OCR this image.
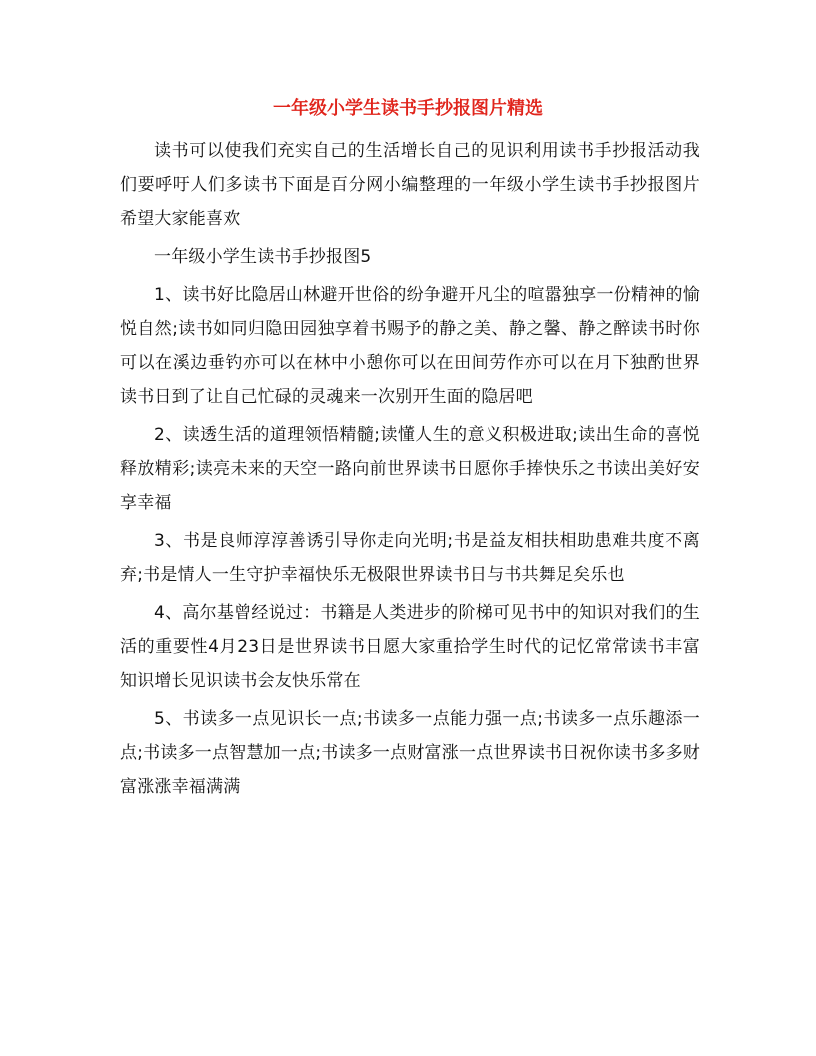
一年级小学生读书手抄报图片精选

读书可以使我们充实自己的生活增长自己的见识利用读书手抄报活动我们要呼吁人们多读书下面是百分网小编整理的一年级小学生读书手抄报图片希望大家能喜欢

一年级小学生读书手抄报图5

1、读书好比隐居山林避开世俗的纷争避开凡尘的喧嚣独享一份精神的愉悦自然;读书如同归隐田园独享着书赐予的静之美、静之馨、静之醉读书时你可以在溪边垂钓亦可以在林中小憩你可以在田间劳作亦可以在月下独酌世界读书日到了让自己忙碌的灵魂来一次别开生面的隐居吧

2、读透生活的道理领悟精髓;读懂人生的意义积极进取;读出生命的喜悦释放精彩;读亮未来的天空一路向前世界读书日愿你手捧快乐之书读出美好安享幸福

3、书是良师淳淳善诱引导你走向光明;书是益友相扶相助患难共度不离弃;书是情人一生守护幸福快乐无极限世界读书日与书共舞足矣乐也

4、高尔基曾经说过：书籍是人类进步的阶梯可见书中的知识对我们的生活的重要性4月23日是世界读书日愿大家重拾学生时代的记忆常常读书丰富知识增长见识读书会友快乐常在

5、书读多一点见识长一点;书读多一点能力强一点;书读多一点乐趣添一点;书读多一点智慧加一点;书读多一点财富涨一点世界读书日祝你读书多多财富涨涨幸福满满
